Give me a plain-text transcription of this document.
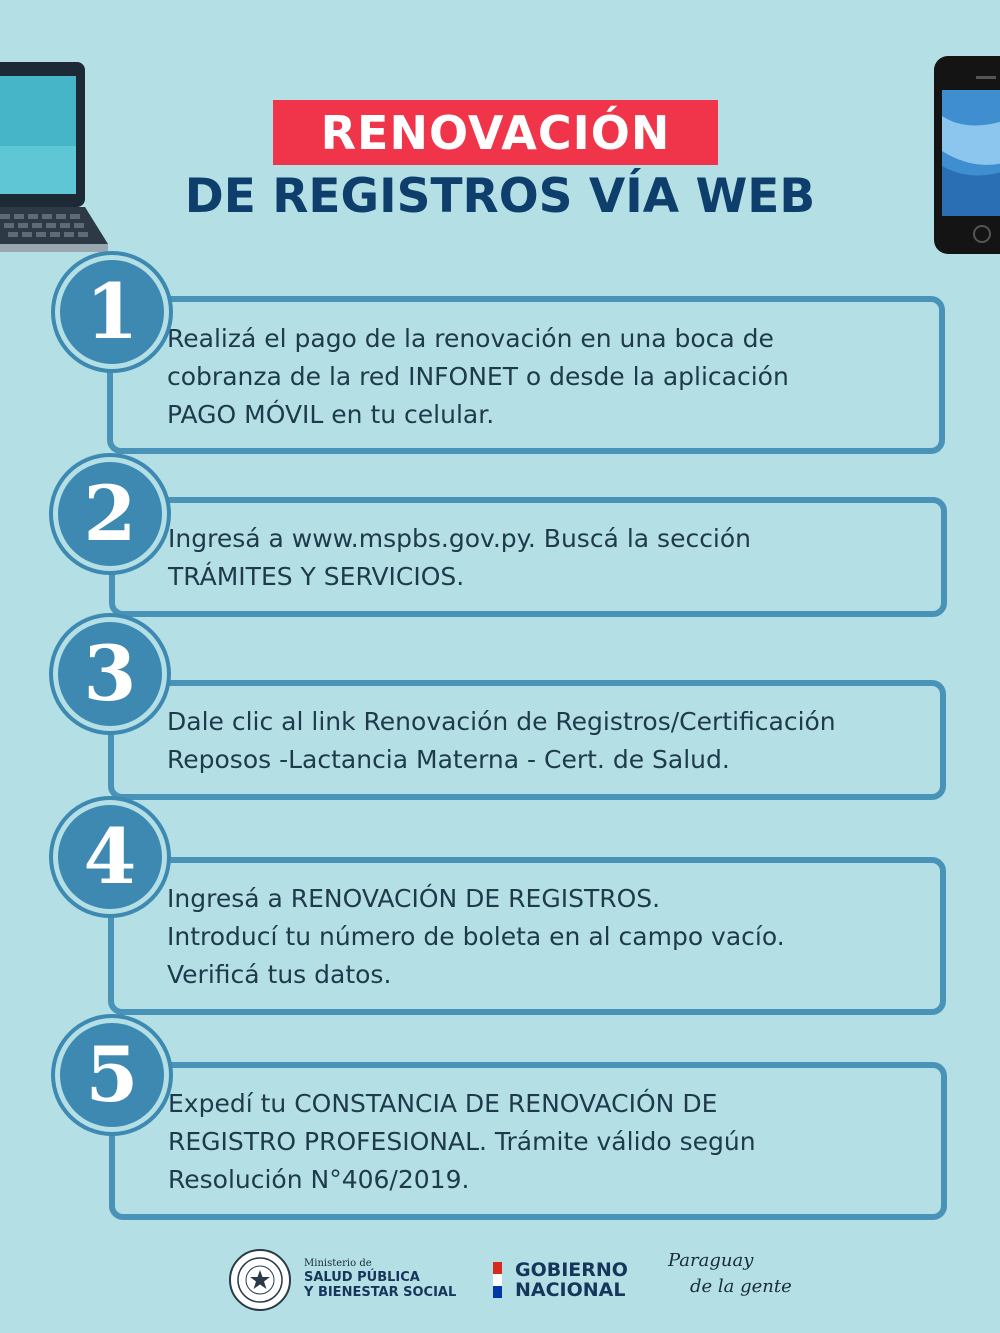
RENOVACIÓN
DE REGISTROS VÍA WEB
Realizá el pago de la renovación en una boca de
cobranza de la red INFONET o desde la aplicación
PAGO MÓVIL en tu celular.
1
Ingresá a www.mspbs.gov.py. Buscá la sección
TRÁMITES Y SERVICIOS.
2
Dale clic al link Renovación de Registros/Certificación
Reposos -Lactancia Materna - Cert. de Salud.
3
Ingresá a RENOVACIÓN DE REGISTROS.
Introducí tu número de boleta en al campo vacío.
Verificá tus datos.
4
Expedí tu CONSTANCIA DE RENOVACIÓN DE
REGISTRO PROFESIONAL. Trámite válido según
Resolución N°406/2019.
5
Ministerio de
SALUD PÚBLICA
Y BIENESTAR SOCIAL
GOBIERNO
NACIONAL
Paraguay
de la gente
